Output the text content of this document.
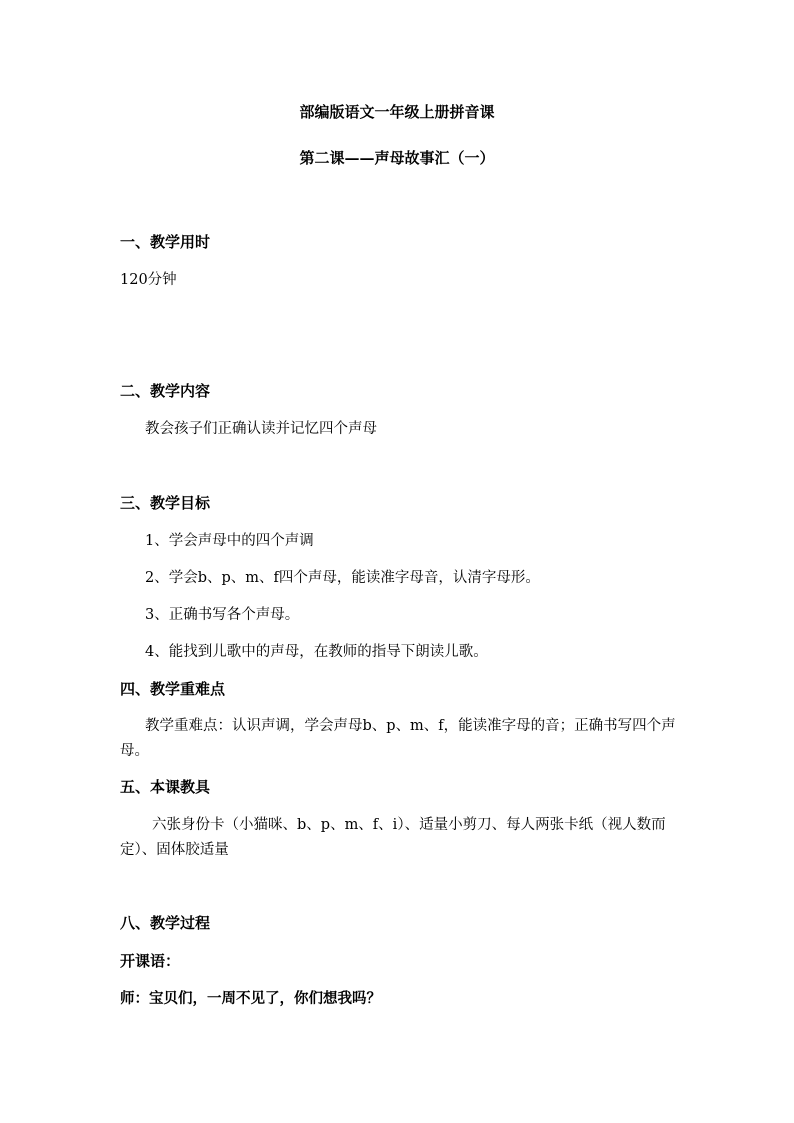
部编版语文一年级上册拼音课
第二课——声母故事汇（一）
一、教学用时
120分钟
二、教学内容
教会孩子们正确认读并记忆四个声母
三、教学目标
1、学会声母中的四个声调
2、学会b、p、m、f四个声母，能读准字母音，认清字母形。
3、正确书写各个声母。
4、能找到儿歌中的声母，在教师的指导下朗读儿歌。
四、教学重难点
教学重难点：认识声调，学会声母b、p、m、f，能读准字母的音；正确书写四个声母。
五、本课教具
六张身份卡（小猫咪、b、p、m、f、i）、适量小剪刀、每人两张卡纸（视人数而定）、固体胶适量
八、教学过程
开课语：
师：宝贝们，一周不见了，你们想我吗？
